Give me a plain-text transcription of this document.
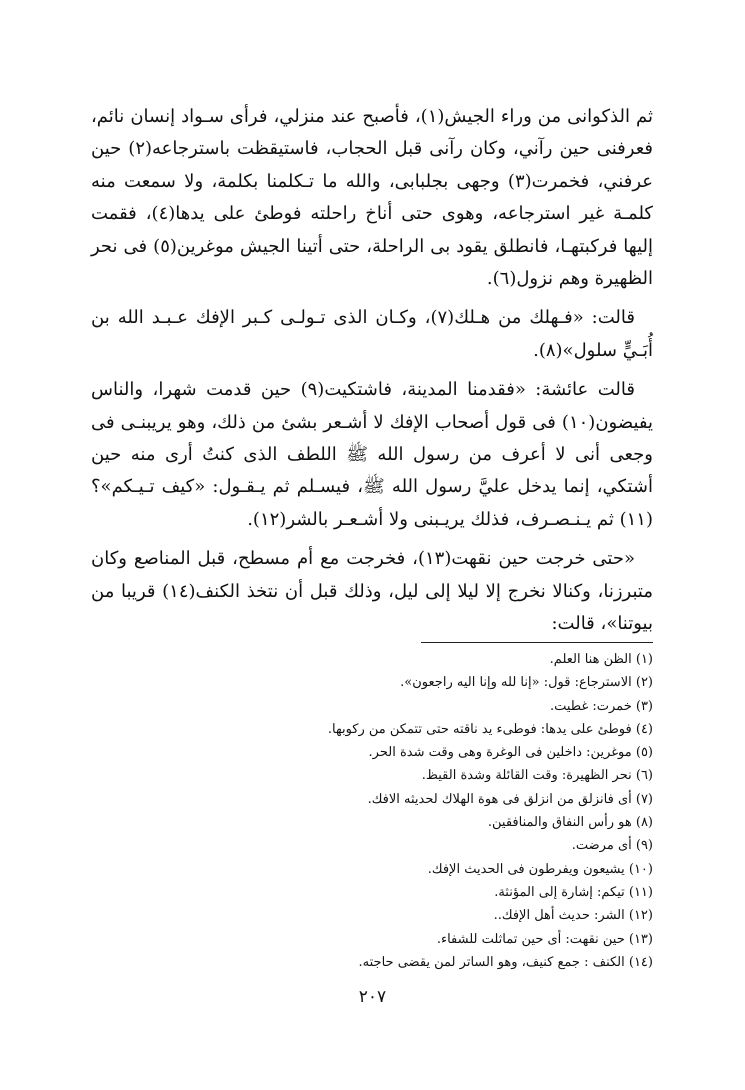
ثم الذكوانى من وراء الجيش(١)، فأصبح عند منزلي، فرأى سـواد إنسان نائم، فعرفنى حين رآني، وكان رآنى قبل الحجاب، فاستيقظت باسترجاعه(٢) حين عرفني، فخمرت(٣) وجهى بجلبابى، والله ما تـكلمنا بكلمة، ولا سمعت منه كلمـة غير استرجاعه، وهوى حتى أناخ راحلته فوطئ على يدها(٤)، فقمت إليها فركبتهـا، فانطلق يقود بى الراحلة، حتى أتينا الجيش موغرين(٥) فى نحر الظهيرة وهم نزول(٦).

قالت: «فـهلك من هـلك(٧)، وكـان الذى تـولـى كـبر الإفك عـبـد الله بن أُبَـيٍّ سلول»(٨).

قالت عائشة: «فقدمنا المدينة، فاشتكيت(٩) حين قدمت شهرا، والناس يفيضون(١٠) فى قول أصحاب الإفك لا أشـعر بشئ من ذلك، وهو يريبنـى فى وجعى أنى لا أعرف من رسول الله ﷺ اللطف الذى كنتُ أرى منه حين أشتكي، إنما يدخل عليَّ رسول الله ﷺ، فيسـلم ثم يـقـول: «كيف تـيـكم»؟(١١) ثم يـنـصـرف، فذلك يريـبنى ولا أشـعـر بالشر(١٢).

«حتى خرجت حين نقهت(١٣)، فخرجت مع أم مسطح، قبل المناصع وكان متبرزنا، وكنالا نخرج إلا ليلا إلى ليل، وذلك قبل أن نتخذ الكنف(١٤) قريبا من بيوتنا»، قالت:

(١) الظن هنا العلم.
(٢) الاسترجاع: قول: «إنا لله وإنا اليه راجعون».
(٣) خمرت: غطيت.
(٤) فوطئ على يدها: فوطىء يد ناقته حتى تتمكن من ركوبها.
(٥) موغرين: داخلين فى الوغرة وهى وقت شدة الحر.
(٦) نحر الظهيرة: وقت القائلة وشدة القيظ.
(٧) أى فانزلق من انزلق فى هوة الهلاك لحديثه الافك.
(٨) هو رأس النفاق والمنافقين.
(٩) أى مرضت.
(١٠) يشيعون ويفرطون فى الحديث الإفك.
(١١) تيكم: إشارة إلى المؤنثة.
(١٢) الشر: حديث أهل الإفك..
(١٣) حين نقهت: أى حين تماثلت للشفاء.
(١٤) الكنف : جمع كنيف، وهو الساتر لمن يقضى حاجته.
٢٠٧
